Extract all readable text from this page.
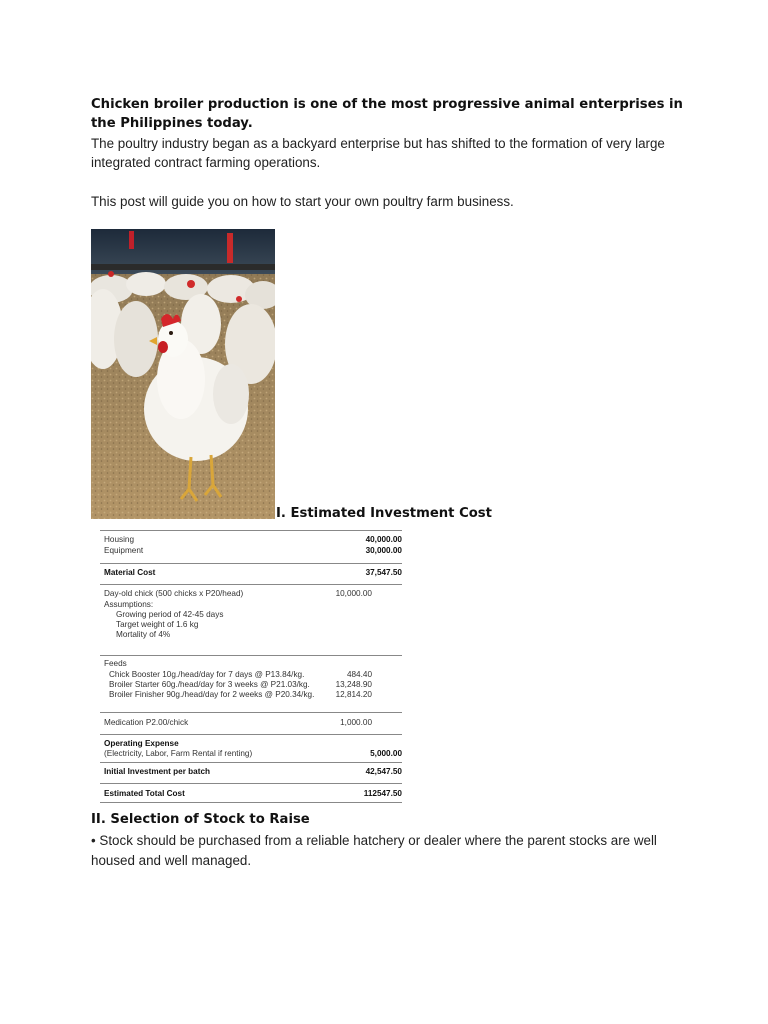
Chicken broiler production is one of the most progressive animal enterprises in the Philippines today.
The poultry industry began as a backyard enterprise but has shifted to the formation of very large integrated contract farming operations.
This post will guide you on how to start your own poultry farm business.
I. Estimated Investment Cost
Housing	40,000.00
Equipment	30,000.00
Material Cost	37,547.50
Day-old chick (500 chicks x P20/head)	10,000.00
Assumptions:
Growing period of 42-45 days
Target weight of 1.6 kg
Mortality of 4%
Feeds
Chick Booster 10g./head/day for 7 days @ P13.84/kg.	484.40
Broiler Starter 60g./head/day for 3 weeks @ P21.03/kg.	13,248.90
Broiler Finisher 90g./head/day for 2 weeks @ P20.34/kg.	12,814.20
Medication P2.00/chick	1,000.00
Operating Expense
(Electricity, Labor, Farm Rental if renting)	5,000.00
Initial Investment per batch	42,547.50
Estimated Total Cost	112547.50
II. Selection of Stock to Raise
• Stock should be purchased from a reliable hatchery or dealer where the parent stocks are well housed and well managed.
